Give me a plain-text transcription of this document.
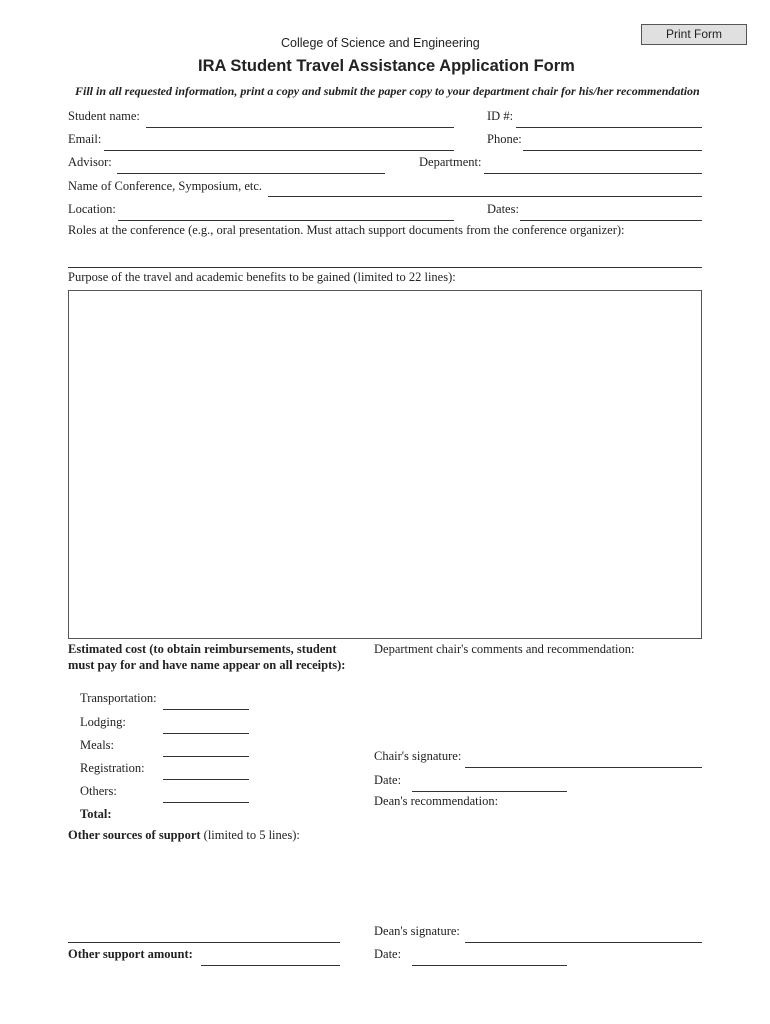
Print Form
College of Science and Engineering
IRA Student Travel Assistance Application Form
Fill in all requested information, print a copy and submit the paper copy to your department chair for his/her recommendation
Student name:	ID #:
Email:	Phone:
Advisor:	Department:
Name of Conference, Symposium, etc.
Location:	Dates:
Roles at the conference (e.g., oral presentation. Must attach support documents from the conference organizer):
Purpose of the travel and academic benefits to be gained (limited to 22 lines):
Estimated cost (to obtain reimbursements, student
must pay for and have name appear on all receipts):
Transportation:
Lodging:
Meals:
Registration:
Others:
Total:
Other sources of support (limited to 5 lines):
Other support amount:
Department chair's comments and recommendation:
Chair's signature:
Date:
Dean's recommendation:
Dean's signature:
Date:
